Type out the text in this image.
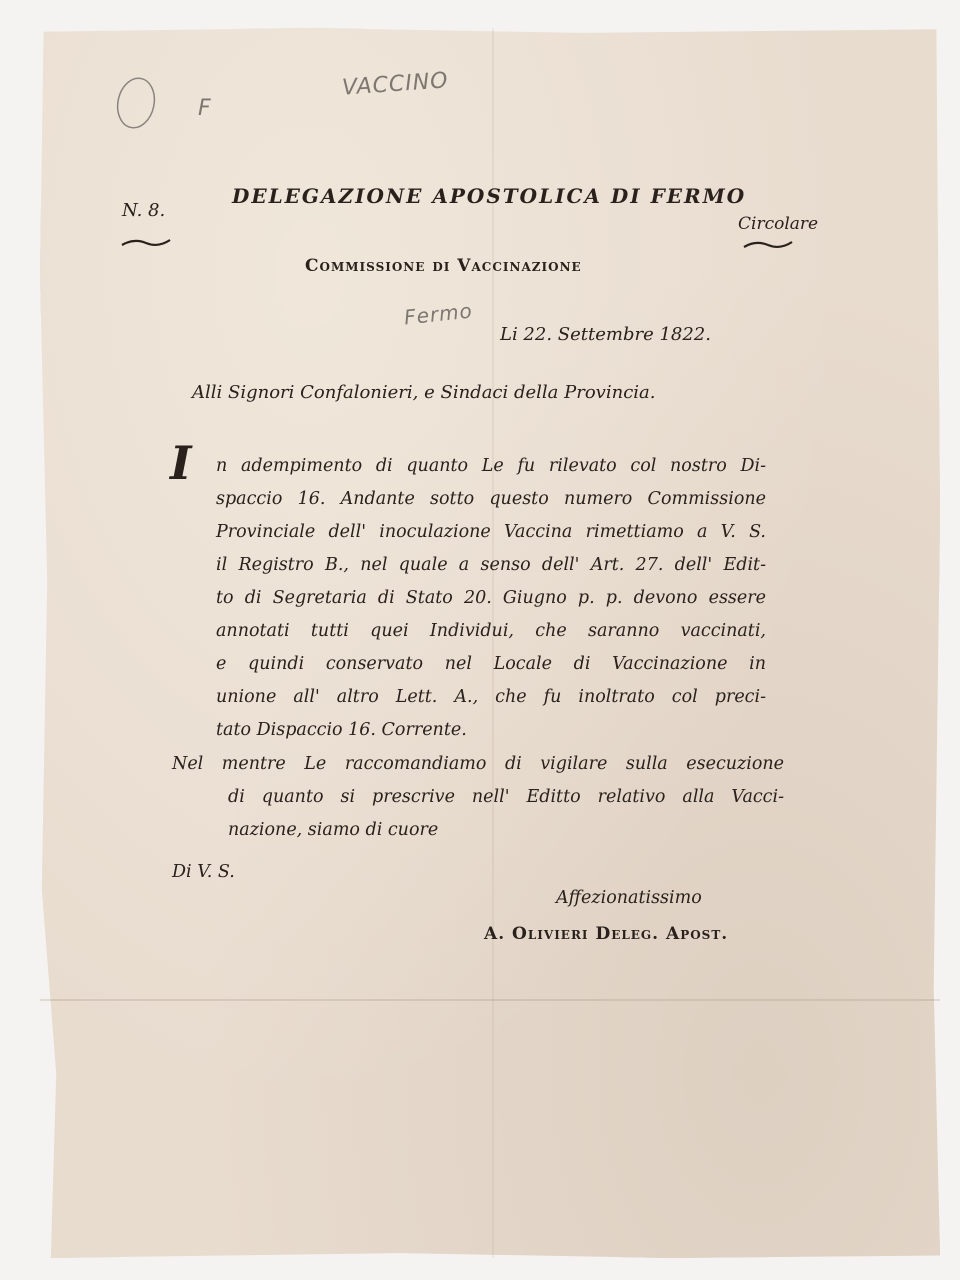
F
VACCINO
Fermo
DELEGAZIONE APOSTOLICA DI FERMO
N. 8.
Circolare
Commissione di Vaccinazione
Li 22. Settembre 1822.
Alli Signori Confalonieri, e Sindaci della Provincia.
I n adempimento di quanto Le fu rilevato col nostro Di-
spaccio 16. Andante sotto questo numero Commissione
Provinciale dell' inoculazione Vaccina rimettiamo a V. S.
il Registro B., nel quale a senso dell' Art. 27. dell' Edit-
to di Segretaria di Stato 20. Giugno p. p. devono essere
annotati tutti quei Individui, che saranno vaccinati,
e quindi conservato nel Locale di Vaccinazione in
unione all' altro Lett. A., che fu inoltrato col preci-
tato Dispaccio 16. Corrente.
Nel mentre Le raccomandiamo di vigilare sulla esecuzione
di quanto si prescrive nell' Editto relativo alla Vacci-
nazione, siamo di cuore
Di V. S.
Affezionatissimo
A. Olivieri Deleg. Apost.
